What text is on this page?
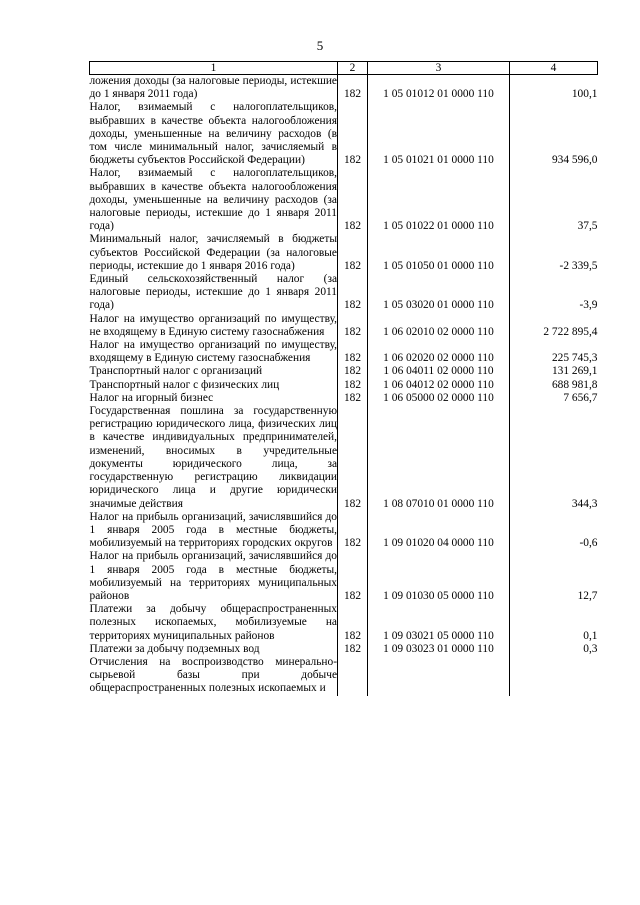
5
1	2	3	4
ложения доходы (за налоговые периоды, истекшие до 1 января 2011 года)	182	1 05 01012 01 0000 110	100,1
Налог, взимаемый с налогоплательщиков, выбравших в качестве объекта налогообложения доходы, уменьшенные на величину расходов (в том числе минимальный налог, зачисляемый в бюджеты субъектов Российской Федерации)	182	1 05 01021 01 0000 110	934 596,0
Налог, взимаемый с налогоплательщиков, выбравших в качестве объекта налогообложения доходы, уменьшенные на величину расходов (за налоговые периоды, истекшие до 1 января 2011 года)	182	1 05 01022 01 0000 110	37,5
Минимальный налог, зачисляемый в бюджеты субъектов Российской Федерации (за налоговые периоды, истекшие до 1 января 2016 года)	182	1 05 01050 01 0000 110	-2 339,5
Единый сельскохозяйственный налог (за налоговые периоды, истекшие до 1 января 2011 года)	182	1 05 03020 01 0000 110	-3,9
Налог на имущество организаций по имуществу, не входящему в Единую систему газоснабжения	182	1 06 02010 02 0000 110	2 722 895,4
Налог на имущество организаций по имуществу, входящему в Единую систему газоснабжения	182	1 06 02020 02 0000 110	225 745,3
Транспортный налог с организаций	182	1 06 04011 02 0000 110	131 269,1
Транспортный налог с физических лиц	182	1 06 04012 02 0000 110	688 981,8
Налог на игорный бизнес	182	1 06 05000 02 0000 110	7 656,7
Государственная пошлина за государственную регистрацию юридического лица, физических лиц в качестве индивидуальных предпринимателей, изменений, вносимых в учредительные документы юридического лица, за государственную регистрацию ликвидации юридического лица и другие юридически значимые действия	182	1 08 07010 01 0000 110	344,3
Налог на прибыль организаций, зачислявшийся до 1 января 2005 года в местные бюджеты, мобилизуемый на территориях городских округов	182	1 09 01020 04 0000 110	-0,6
Налог на прибыль организаций, зачислявшийся до 1 января 2005 года в местные бюджеты, мобилизуемый на территориях муниципальных районов	182	1 09 01030 05 0000 110	12,7
Платежи за добычу общераспространенных полезных ископаемых, мобилизуемые на территориях муниципальных районов	182	1 09 03021 05 0000 110	0,1
Платежи за добычу подземных вод	182	1 09 03023 01 0000 110	0,3
Отчисления на воспроизводство минерально-сырьевой базы при добыче общераспространенных полезных ископаемых и			
